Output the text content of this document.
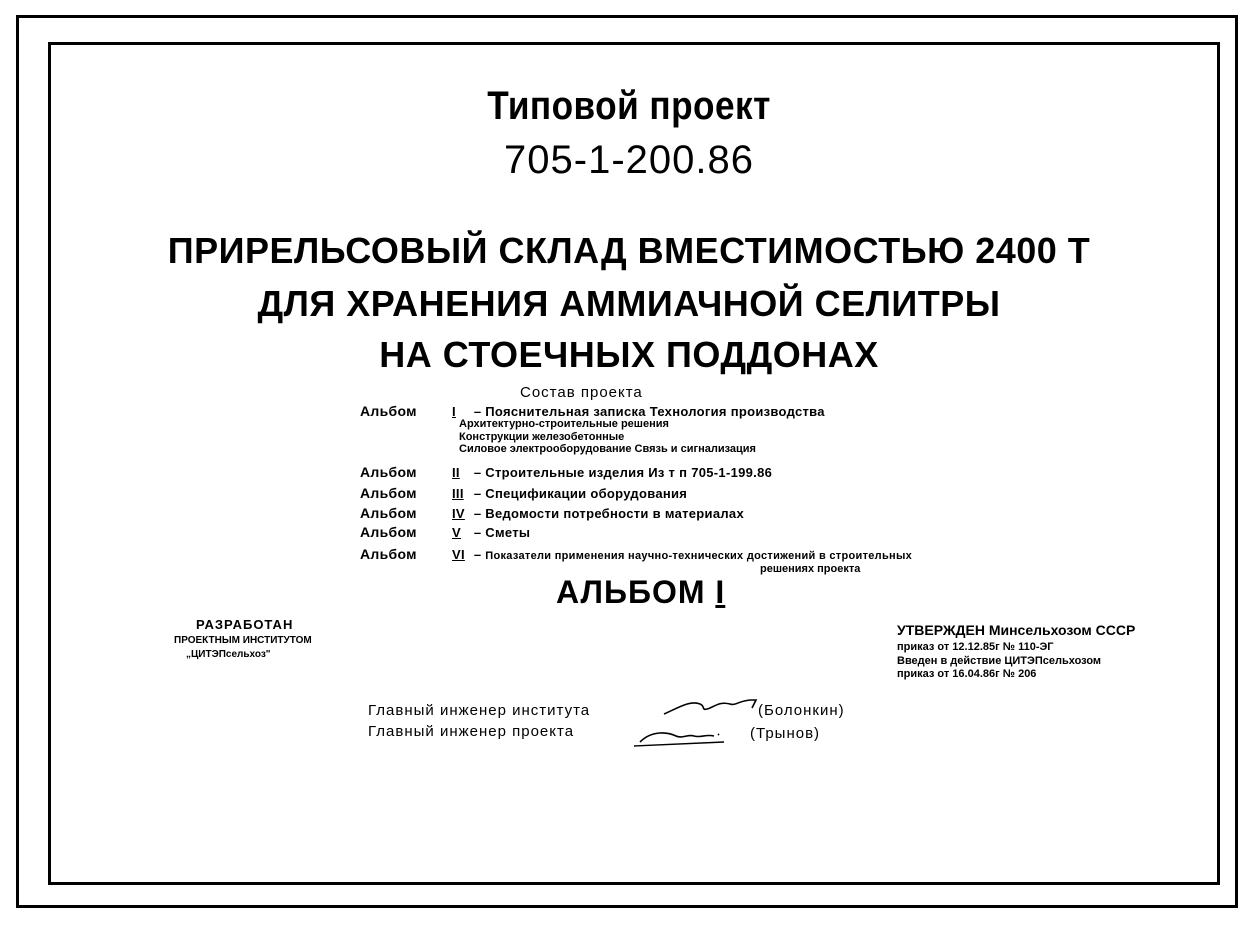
Типовой проект
705-1-200.86
ПРИРЕЛЬСОВЫЙ СКЛАД ВМЕСТИМОСТЬЮ 2400 Т
ДЛЯ ХРАНЕНИЯ АММИАЧНОЙ СЕЛИТРЫ
НА СТОЕЧНЫХ ПОДДОНАХ
Состав проекта
Альбом	I  – Пояснительная записка Технология производства
Архитектурно-строительные решения
Конструкции железобетонные
Силовое электрооборудование Связь и сигнализация
Альбом	II  – Строительные изделия Из т п 705-1-199.86
Альбом	III  – Спецификации оборудования
Альбом	IV  – Ведомости потребности в материалах
Альбом	V  – Сметы
Альбом	VI  – Показатели применения научно-технических достижений в строительных
решениях проекта
АЛЬБОМ I
РАЗРАБОТАН
ПРОЕКТНЫМ ИНСТИТУТОМ
„ЦИТЭПсельхоз"
УТВЕРЖДЕН Минсельхозом СССР
приказ от 12.12.85г № 110-ЭГ
Введен в действие ЦИТЭПсельхозом
приказ от 16.04.86г № 206
Главный инженер института	(Болонкин)
Главный инженер проекта	(Трынов)
